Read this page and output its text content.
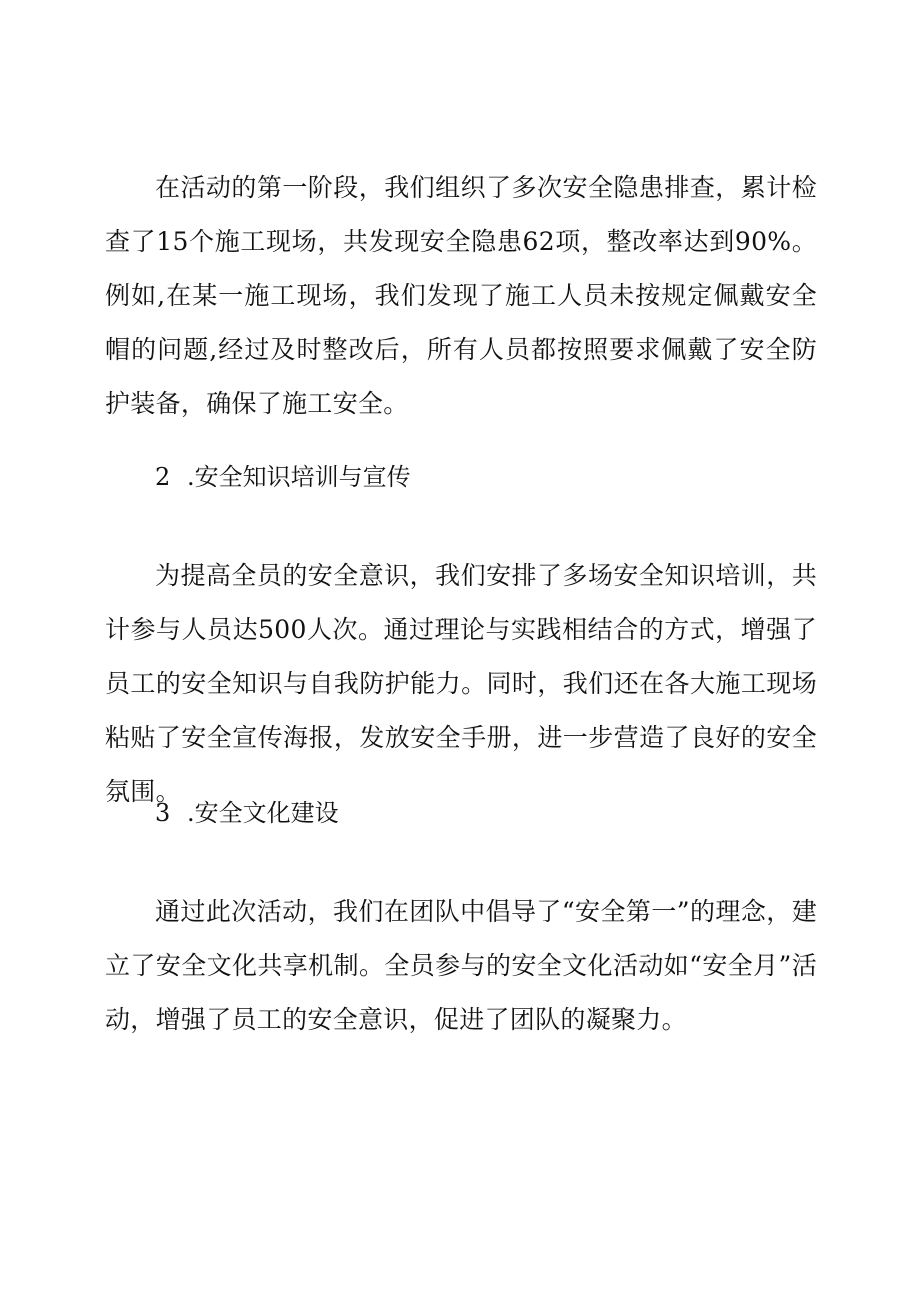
在活动的第一阶段，我们组织了多次安全隐患排查，累计检查了15个施工现场，共发现安全隐患62项，整改率达到90%。例如,在某一施工现场，我们发现了施工人员未按规定佩戴安全帽的问题,经过及时整改后，所有人员都按照要求佩戴了安全防护装备，确保了施工安全。

2 .安全知识培训与宣传

为提高全员的安全意识，我们安排了多场安全知识培训，共计参与人员达500人次。通过理论与实践相结合的方式，增强了员工的安全知识与自我防护能力。同时，我们还在各大施工现场粘贴了安全宣传海报，发放安全手册，进一步营造了良好的安全氛围。

3 .安全文化建设

通过此次活动，我们在团队中倡导了“安全第一”的理念，建立了安全文化共享机制。全员参与的安全文化活动如“安全月”活动，增强了员工的安全意识，促进了团队的凝聚力。
